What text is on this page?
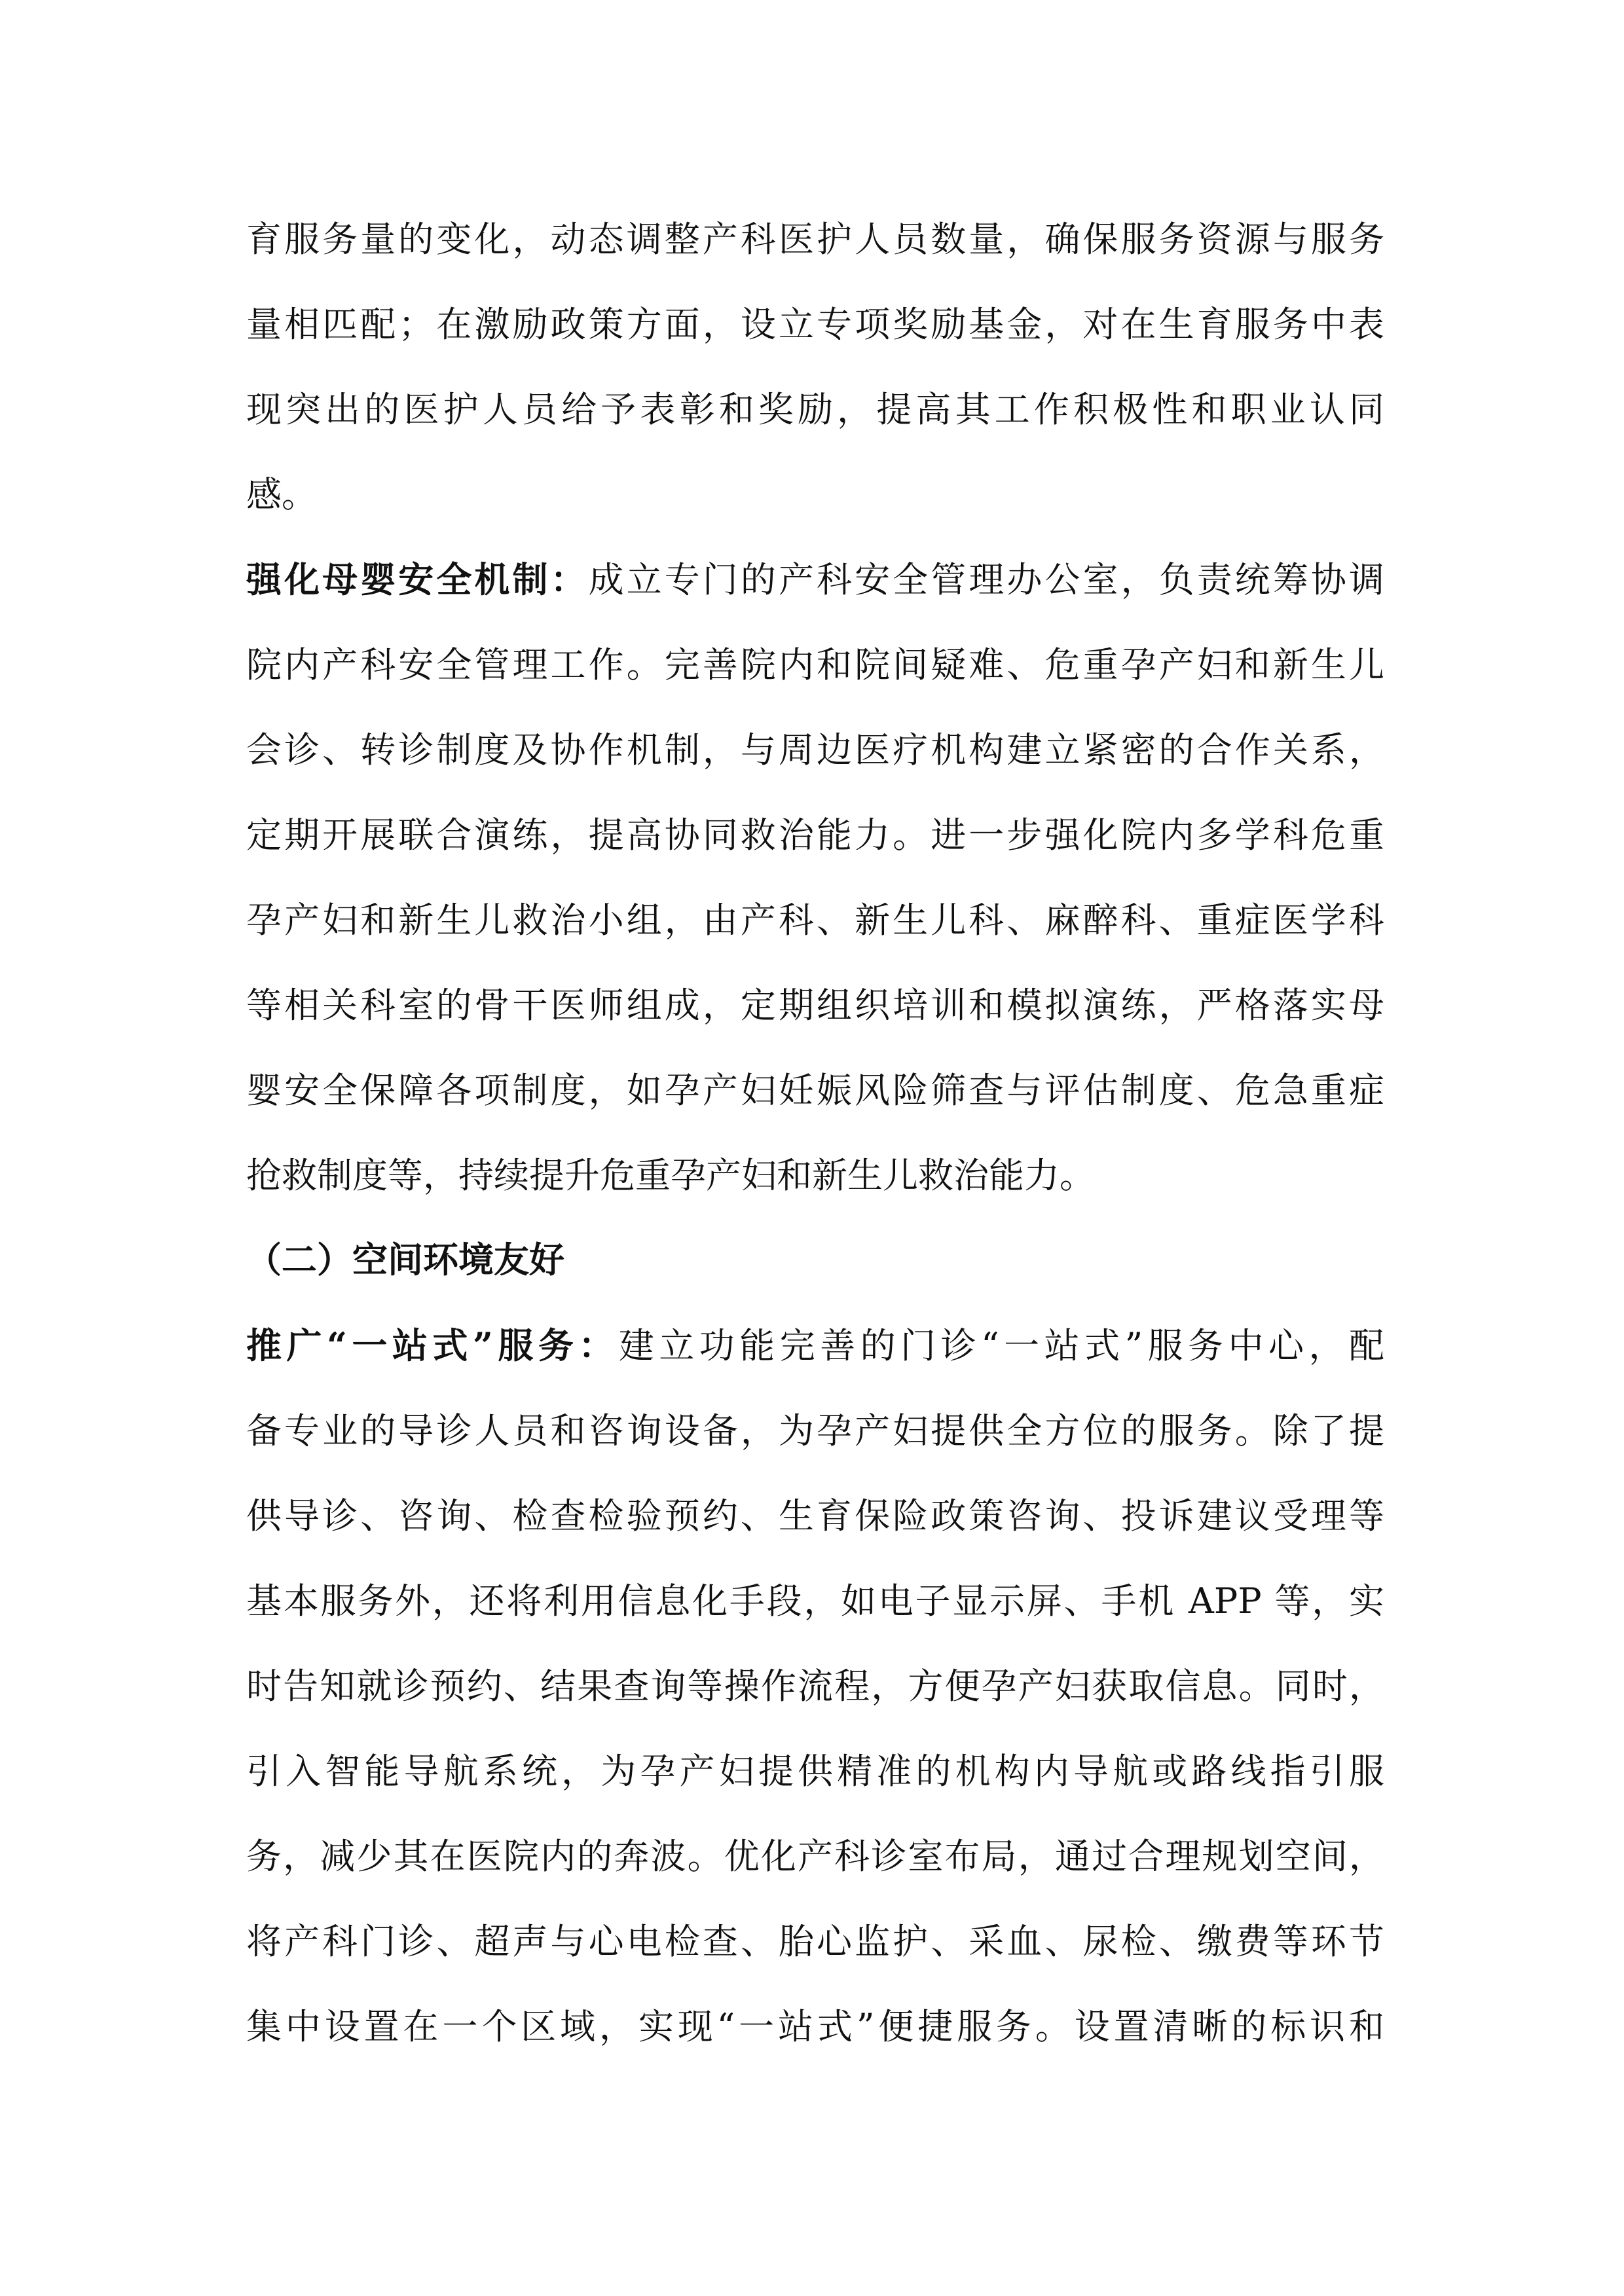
育服务量的变化，动态调整产科医护人员数量，确保服务资源与服务
量相匹配；在激励政策方面，设立专项奖励基金，对在生育服务中表
现突出的医护人员给予表彰和奖励，提高其工作积极性和职业认同
感。
强化母婴安全机制：成立专门的产科安全管理办公室，负责统筹协调
院内产科安全管理工作。完善院内和院间疑难、危重孕产妇和新生儿
会诊、转诊制度及协作机制，与周边医疗机构建立紧密的合作关系，
定期开展联合演练，提高协同救治能力。进一步强化院内多学科危重
孕产妇和新生儿救治小组，由产科、新生儿科、麻醉科、重症医学科
等相关科室的骨干医师组成，定期组织培训和模拟演练，严格落实母
婴安全保障各项制度，如孕产妇妊娠风险筛查与评估制度、危急重症
抢救制度等，持续提升危重孕产妇和新生儿救治能力。
（二）空间环境友好
推广“一站式”服务：建立功能完善的门诊“一站式”服务中心，配
备专业的导诊人员和咨询设备，为孕产妇提供全方位的服务。除了提
供导诊、咨询、检查检验预约、生育保险政策咨询、投诉建议受理等
基本服务外，还将利用信息化手段，如电子显示屏、手机 APP 等，实
时告知就诊预约、结果查询等操作流程，方便孕产妇获取信息。同时，
引入智能导航系统，为孕产妇提供精准的机构内导航或路线指引服
务，减少其在医院内的奔波。优化产科诊室布局，通过合理规划空间，
将产科门诊、超声与心电检查、胎心监护、采血、尿检、缴费等环节
集中设置在一个区域，实现“一站式”便捷服务。设置清晰的标识和
